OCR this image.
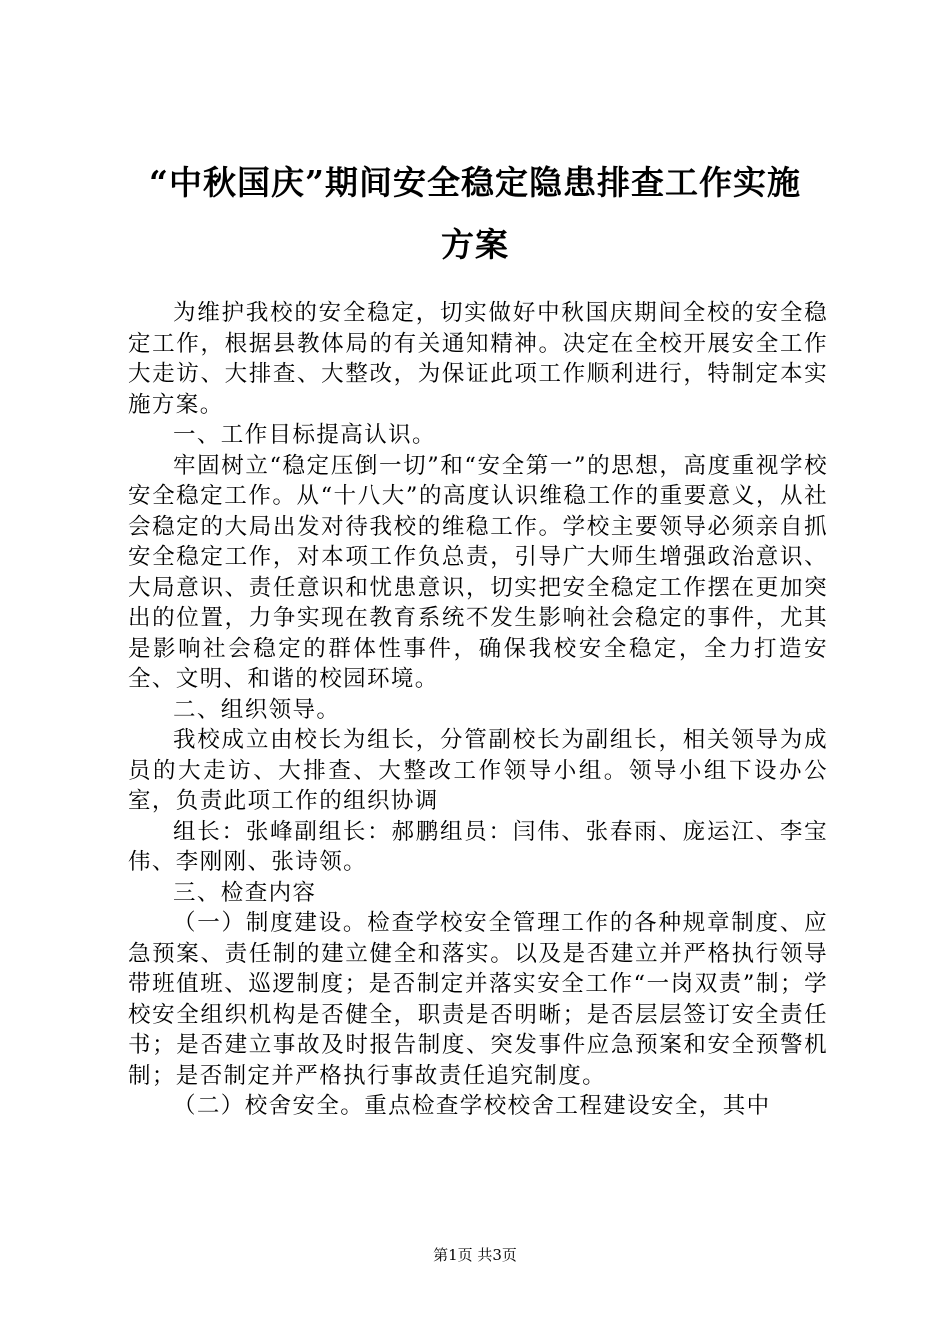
“中秋国庆”期间安全稳定隐患排查工作实施
方案

为维护我校的安全稳定，切实做好中秋国庆期间全校的安全稳定工作，根据县教体局的有关通知精神。决定在全校开展安全工作大走访、大排查、大整改，为保证此项工作顺利进行，特制定本实施方案。

一、工作目标提高认识。

牢固树立“稳定压倒一切”和“安全第一”的思想，高度重视学校安全稳定工作。从“十八大”的高度认识维稳工作的重要意义，从社会稳定的大局出发对待我校的维稳工作。学校主要领导必须亲自抓安全稳定工作，对本项工作负总责，引导广大师生增强政治意识、大局意识、责任意识和忧患意识，切实把安全稳定工作摆在更加突出的位置，力争实现在教育系统不发生影响社会稳定的事件，尤其是影响社会稳定的群体性事件，确保我校安全稳定，全力打造安全、文明、和谐的校园环境。

二、组织领导。

我校成立由校长为组长，分管副校长为副组长，相关领导为成员的大走访、大排查、大整改工作领导小组。领导小组下设办公室，负责此项工作的组织协调

组长：张峰副组长：郝鹏组员：闫伟、张春雨、庞运江、李宝伟、李刚刚、张诗领。

三、检查内容

（一）制度建设。检查学校安全管理工作的各种规章制度、应急预案、责任制的建立健全和落实。以及是否建立并严格执行领导带班值班、巡逻制度；是否制定并落实安全工作“一岗双责”制；学校安全组织机构是否健全，职责是否明晰；是否层层签订安全责任书；是否建立事故及时报告制度、突发事件应急预案和安全预警机制；是否制定并严格执行事故责任追究制度。

（二）校舍安全。重点检查学校校舍工程建设安全，其中

第1页 共3页
